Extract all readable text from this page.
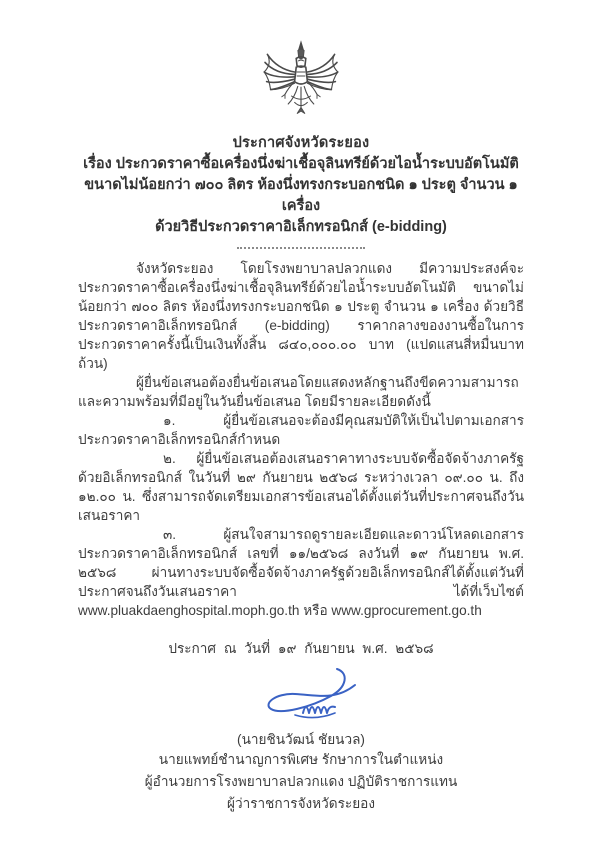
ประกาศจังหวัดระยอง
เรื่อง ประกวดราคาซื้อเครื่องนึ่งฆ่าเชื้อจุลินทรีย์ด้วยไอน้ำระบบอัตโนมัติ
ขนาดไม่น้อยกว่า ๗๐๐ ลิตร ห้องนึ่งทรงกระบอกชนิด ๑ ประตู จำนวน ๑ เครื่อง
ด้วยวิธีประกวดราคาอิเล็กทรอนิกส์ (e-bidding)

จังหวัดระยอง โดยโรงพยาบาลปลวกแดง มีความประสงค์จะประกวดราคาซื้อเครื่องนึ่งฆ่าเชื้อจุลินทรีย์ด้วยไอน้ำระบบอัตโนมัติ ขนาดไม่น้อยกว่า ๗๐๐ ลิตร ห้องนึ่งทรงกระบอกชนิด ๑ ประตู จำนวน ๑ เครื่อง ด้วยวิธีประกวดราคาอิเล็กทรอนิกส์ (e-bidding) ราคากลางของงานซื้อในการประกวดราคาครั้งนี้เป็นเงินทั้งสิ้น ๘๔๐,๐๐๐.๐๐ บาท (แปดแสนสี่หมื่นบาทถ้วน)

ผู้ยื่นข้อเสนอต้องยื่นข้อเสนอโดยแสดงหลักฐานถึงขีดความสามารถและความพร้อมที่มีอยู่ในวันยื่นข้อเสนอ โดยมีรายละเอียดดังนี้

๑. ผู้ยื่นข้อเสนอจะต้องมีคุณสมบัติให้เป็นไปตามเอกสารประกวดราคาอิเล็กทรอนิกส์กำหนด

๒. ผู้ยื่นข้อเสนอต้องเสนอราคาทางระบบจัดซื้อจัดจ้างภาครัฐด้วยอิเล็กทรอนิกส์ ในวันที่ ๒๙ กันยายน ๒๕๖๘ ระหว่างเวลา ๐๙.๐๐ น. ถึง ๑๒.๐๐ น. ซึ่งสามารถจัดเตรียมเอกสารข้อเสนอได้ตั้งแต่วันที่ประกาศจนถึงวันเสนอราคา

๓. ผู้สนใจสามารถดูรายละเอียดและดาวน์โหลดเอกสารประกวดราคาอิเล็กทรอนิกส์ เลขที่ ๑๑/๒๕๖๘ ลงวันที่ ๑๙ กันยายน พ.ศ. ๒๕๖๘ ผ่านทางระบบจัดซื้อจัดจ้างภาครัฐด้วยอิเล็กทรอนิกส์ได้ตั้งแต่วันที่ประกาศจนถึงวันเสนอราคา ได้ที่เว็บไซต์ www.pluakdaenghospital.moph.go.th หรือ www.gprocurement.go.th

ประกาศ ณ วันที่ ๑๙ กันยายน พ.ศ. ๒๕๖๘
(นายชินวัฒน์ ชัยนวล)
นายแพทย์ชำนาญการพิเศษ รักษาการในตำแหน่ง
ผู้อำนวยการโรงพยาบาลปลวกแดง ปฏิบัติราชการแทน
ผู้ว่าราชการจังหวัดระยอง
